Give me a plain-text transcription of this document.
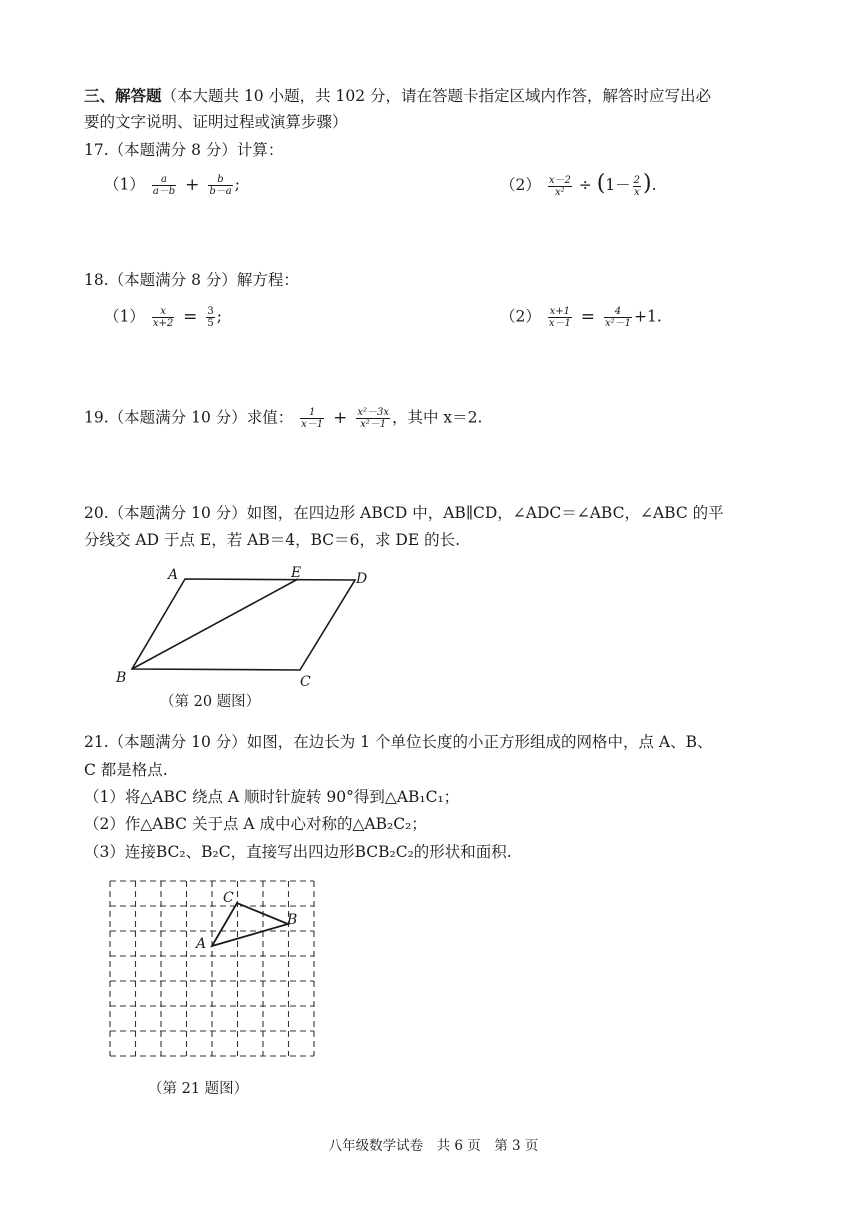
三、解答题（本大题共 10 小题，共 102 分，请在答题卡指定区域内作答，解答时应写出必
要的文字说明、证明过程或演算步骤）
17.（本题满分 8 分）计算：
$(1) \frac{a}{a-b} + \frac{b}{b-a}$ ;	$(2) \frac{x-2}{\text{x²}} \div (1- \frac{2}{x}$ ).
18.（本题满分 8 分）解方程：
$(1) \frac{x}{x+2} = \frac{3}{5}$ ;	$(2) \frac{x+1}{x-1} = \frac{4}{\text{x²－1}} +1$.
19.（本题满分 10 分）求值： $\frac{1}{x-1} + \frac{\text{x²－3x}}{\text{x²－1}}$ ，其中 x＝2.
20.（本题满分 10 分）如图，在四边形 ABCD 中，AB∥CD，∠ADC＝∠ABC，∠ABC 的平
分线交 AD 于点 E，若 AB＝4，BC＝6，求 DE 的长.
A	E	D
B	C
（第 20 题图）
21.（本题满分 10 分）如图，在边长为 1 个单位长度的小正方形组成的网格中，点 A、B、
C 都是格点.
（1）将△ABC 绕点 A 顺时针旋转 90°得到△AB₁C₁；
（2）作△ABC 关于点 A 成中心对称的△AB₂C₂；
（3）连接BC₂、B₂C，直接写出四边形BCB₂C₂的形状和面积.
A
B
C
（第 21 题图）
八年级数学试卷　共 6 页　第 3 页
